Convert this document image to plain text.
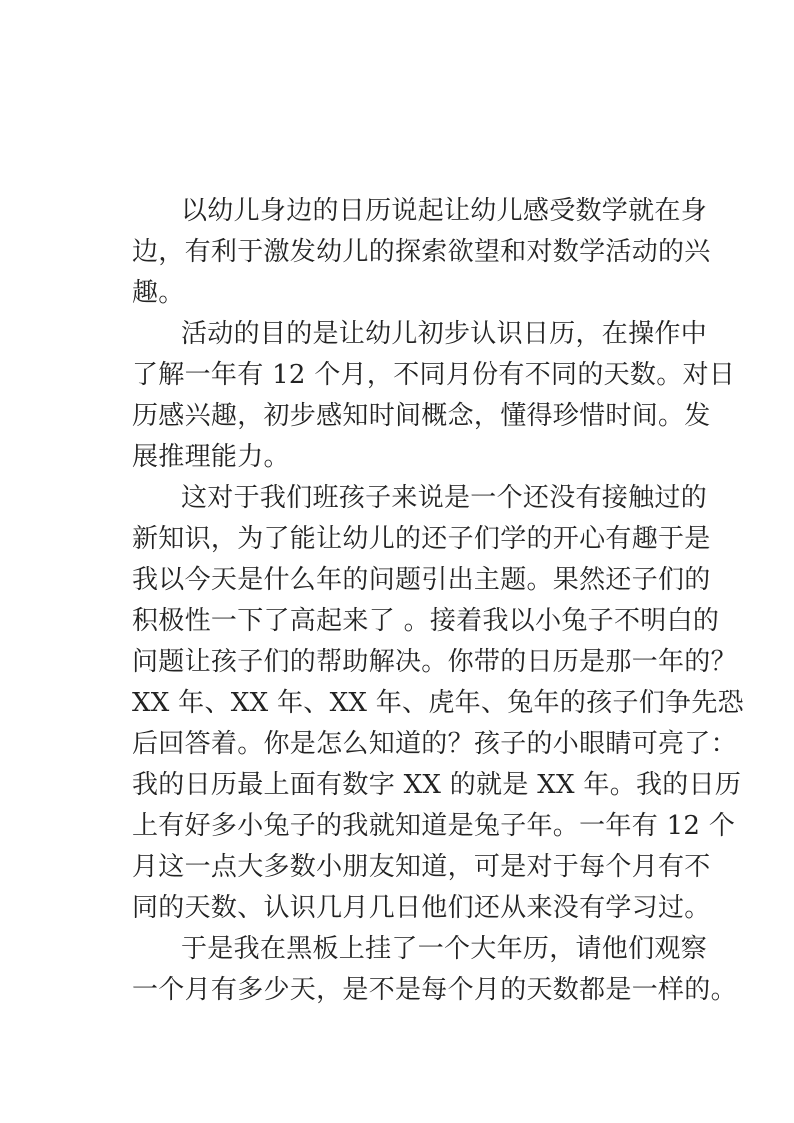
以幼儿身边的日历说起让幼儿感受数学就在身
边，有利于激发幼儿的探索欲望和对数学活动的兴
趣。
活动的目的是让幼儿初步认识日历，在操作中
了解一年有 12 个月，不同月份有不同的天数。对日
历感兴趣，初步感知时间概念，懂得珍惜时间。发
展推理能力。
这对于我们班孩子来说是一个还没有接触过的
新知识，为了能让幼儿的还子们学的开心有趣于是
我以今天是什么年的问题引出主题。果然还子们的
积极性一下了高起来了 。接着我以小兔子不明白的
问题让孩子们的帮助解决。你带的日历是那一年的？
XX 年、XX 年、XX 年、虎年、兔年的孩子们争先恐
后回答着。你是怎么知道的？孩子的小眼睛可亮了：
我的日历最上面有数字 XX 的就是 XX 年。我的日历
上有好多小兔子的我就知道是兔子年。一年有 12 个
月这一点大多数小朋友知道，可是对于每个月有不
同的天数、认识几月几日他们还从来没有学习过。
于是我在黑板上挂了一个大年历，请他们观察
一个月有多少天，是不是每个月的天数都是一样的。
